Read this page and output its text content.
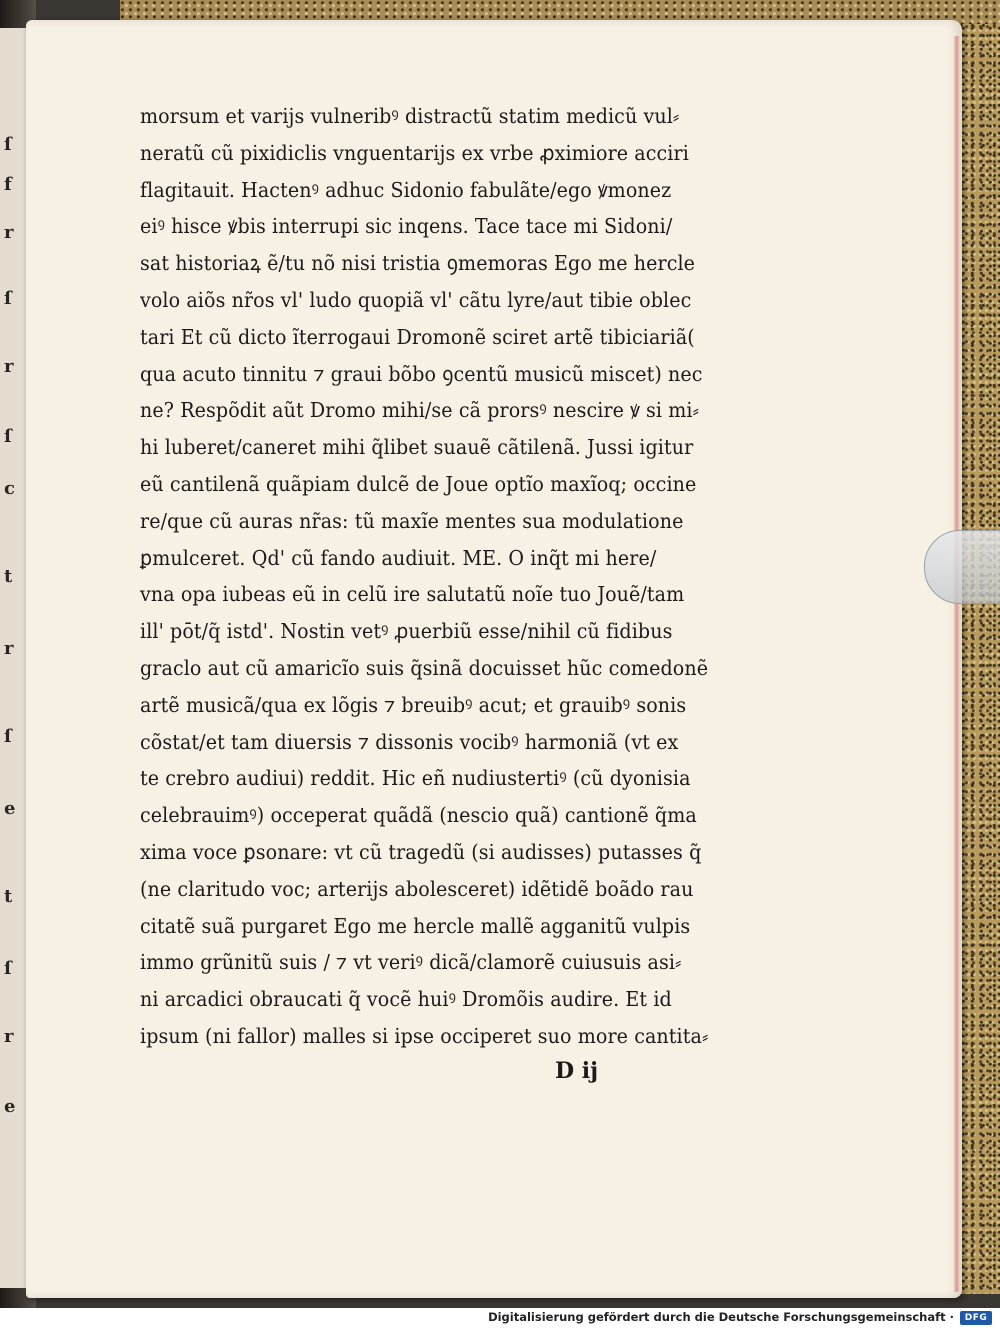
ſ
f
r
ſ
r
ſ
c
t
r
ſ
e
t
ſ
r
e
morsum et varijs vulneribꝰ distractũ statim medicũ vul⸗
neratũ cũ pixidiclis vnguentarijs ex vrbe ꝓximiore acciri
flagitauit. Hactenꝰ adhuc Sidonio fabulãte/ego ꝟmonez
eiꝰ hisce ꝟbis interrupi sic inqens. Tace tace mi Sidoni/
sat historiaꝝ ẽ/tu nõ nisi tristia ꝯmemoras Ego me hercle
volo aiõs nr̃os vl' ludo quopiã vl' cãtu lyre/aut tibie oblec
tari Et cũ dicto ĩterrogaui Dromonẽ sciret artẽ tibiciariã(
qua acuto tinnitu ⁊ graui bõbo ꝯcentũ musicũ miscet) nec
ne? Respõdit aũt Dromo mihi/se cã prorsꝰ nescire ꝟ si mi⸗
hi luberet/caneret mihi q̃libet suauẽ cãtilenã. Jussi igitur
eũ cantilenã quãpiam dulcẽ de Joue optĩo maxĩoq; occine
re/que cũ auras nr̃as: tũ maxĩe mentes sua modulatione
ꝑmulceret. Qd' cũ fando audiuit. ME. O inq̃t mi here/
vna opa iubeas eũ in celũ ire salutatũ noĩe tuo Jouẽ/tam
ill' pōt/q̃ istd'. Nostin vetꝰ ꝓuerbiũ esse/nihil cũ fidibus
graclo aut cũ amaricĩo suis q̃sinã docuisset hũc comedonẽ
artẽ musicã/qua ex lõgis ⁊ breuibꝰ acut; et grauibꝰ sonis
cõstat/et tam diuersis ⁊ dissonis vocibꝰ harmoniã (vt ex
te crebro audiui) reddit. Hic eñ nudiustertiꝰ (cũ dyonisia
celebrauimꝰ) occeperat quãdã (nescio quã) cantionẽ q̃ma
xima voce ꝑsonare: vt cũ tragedũ (si audisses) putasses q̃
(ne claritudo voc; arterijs abolesceret) idẽtidẽ boãdo rau
citatẽ suã purgaret Ego me hercle mallẽ agganitũ vulpis
immo grũnitũ suis / ⁊ vt veriꝰ dicã/clamorẽ cuiusuis asi⸗
ni arcadici obraucati q̃ vocẽ huiꝰ Dromõis audire. Et id
ipsum (ni fallor) malles si ipse occiperet suo more cantita⸗
D ij
Digitalisierung gefördert durch die Deutsche Forschungsgemeinschaft ·	DFG
